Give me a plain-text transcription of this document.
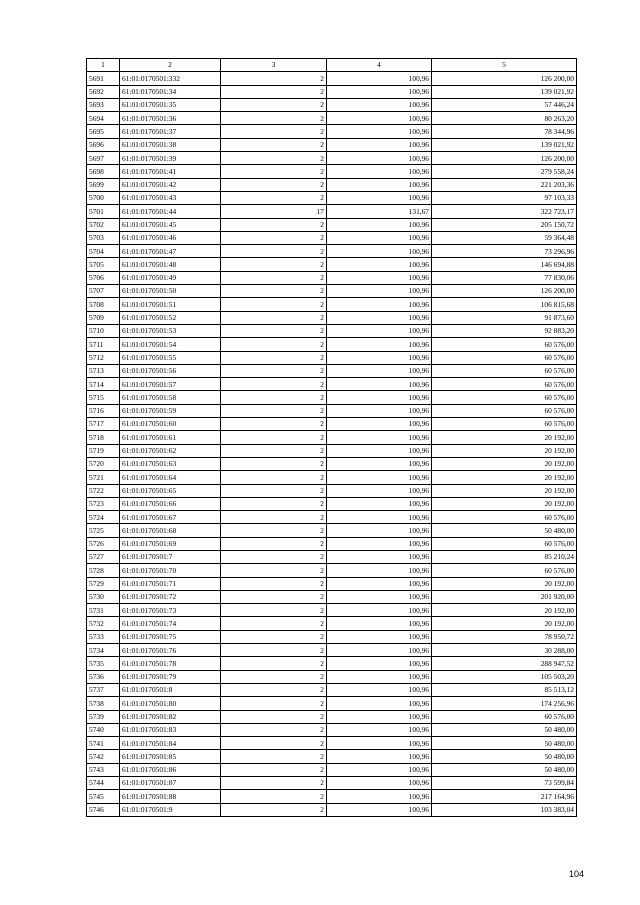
1	2	3	4	5
5691	61:01:0170501:332	2	100,96	126 200,00
5692	61:01:0170501:34	2	100,96	139 021,92
5693	61:01:0170501:35	2	100,96	57 446,24
5694	61:01:0170501:36	2	100,96	80 263,20
5695	61:01:0170501:37	2	100,96	78 344,96
5696	61:01:0170501:38	2	100,96	139 021,92
5697	61:01:0170501:39	2	100,96	126 200,00
5698	61:01:0170501:41	2	100,96	279 558,24
5699	61:01:0170501:42	2	100,96	221 203,36
5700	61:01:0170501:43	2	100,96	97 103,33
5701	61:01:0170501:44	17	131,67	322 723,17
5702	61:01:0170501:45	2	100,96	205 150,72
5703	61:01:0170501:46	2	100,96	59 364,48
5704	61:01:0170501:47	2	100,96	73 296,96
5705	61:01:0170501:48	2	100,96	146 694,88
5706	61:01:0170501:49	2	100,96	77 830,06
5707	61:01:0170501:50	2	100,96	126 200,00
5708	61:01:0170501:51	2	100,96	106 815,68
5709	61:01:0170501:52	2	100,96	91 873,60
5710	61:01:0170501:53	2	100,96	92 883,20
5711	61:01:0170501:54	2	100,96	60 576,00
5712	61:01:0170501:55	2	100,96	60 576,00
5713	61:01:0170501:56	2	100,96	60 576,00
5714	61:01:0170501:57	2	100,96	60 576,00
5715	61:01:0170501:58	2	100,96	60 576,00
5716	61:01:0170501:59	2	100,96	60 576,00
5717	61:01:0170501:60	2	100,96	60 576,00
5718	61:01:0170501:61	2	100,96	20 192,00
5719	61:01:0170501:62	2	100,96	20 192,00
5720	61:01:0170501:63	2	100,96	20 192,00
5721	61:01:0170501:64	2	100,96	20 192,00
5722	61:01:0170501:65	2	100,96	20 192,00
5723	61:01:0170501:66	2	100,96	20 192,00
5724	61:01:0170501:67	2	100,96	60 576,00
5725	61:01:0170501:68	2	100,96	50 480,00
5726	61:01:0170501:69	2	100,96	60 576,00
5727	61:01:0170501:7	2	100,96	85 210,24
5728	61:01:0170501:70	2	100,96	60 576,00
5729	61:01:0170501:71	2	100,96	20 192,00
5730	61:01:0170501:72	2	100,96	201 920,00
5731	61:01:0170501:73	2	100,96	20 192,00
5732	61:01:0170501:74	2	100,96	20 192,00
5733	61:01:0170501:75	2	100,96	78 950,72
5734	61:01:0170501:76	2	100,96	30 288,00
5735	61:01:0170501:78	2	100,96	288 947,52
5736	61:01:0170501:79	2	100,96	105 503,20
5737	61:01:0170501:8	2	100,96	85 513,12
5738	61:01:0170501:80	2	100,96	174 256,96
5739	61:01:0170501:82	2	100,96	60 576,00
5740	61:01:0170501:83	2	100,96	50 480,00
5741	61:01:0170501:84	2	100,96	50 480,00
5742	61:01:0170501:85	2	100,96	50 480,00
5743	61:01:0170501:86	2	100,96	50 480,00
5744	61:01:0170501:87	2	100,96	73 599,84
5745	61:01:0170501:88	2	100,96	217 164,96
5746	61:01:0170501:9	2	100,96	103 383,04
104
